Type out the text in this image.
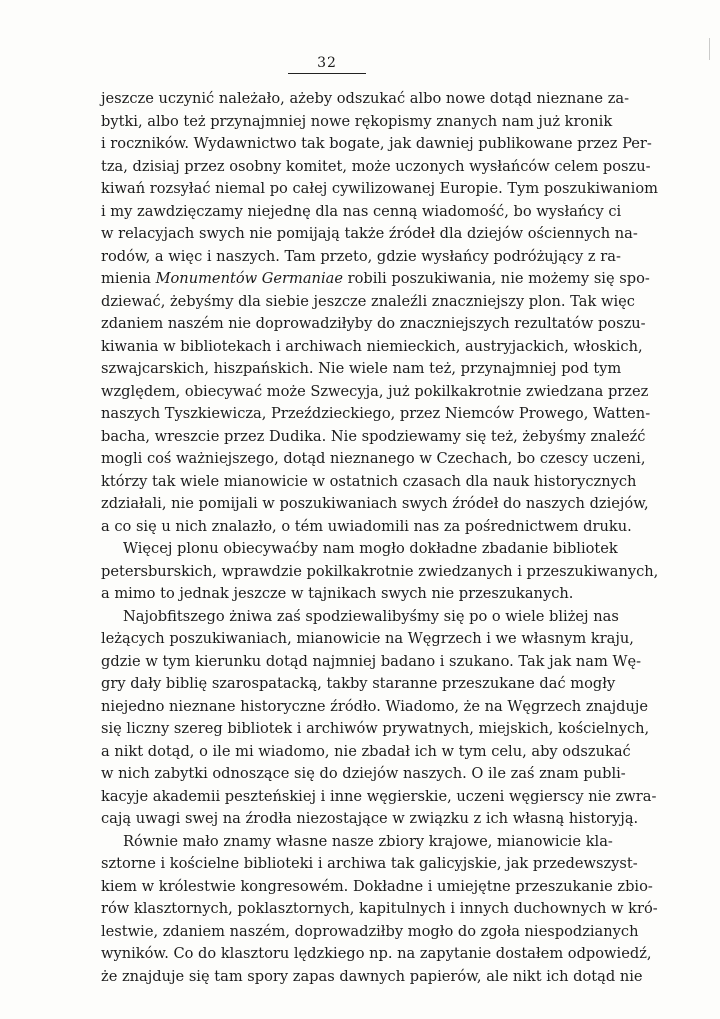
32
jeszcze uczynić należało, ażeby odszukać albo nowe dotąd nieznane za-
bytki, albo też przynajmniej nowe rękopismy znanych nam już kronik
i roczników. Wydawnictwo tak bogate, jak dawniej publikowane przez Per-
tza, dzisiaj przez osobny komitet, może uczonych wysłańców celem poszu-
kiwań rozsyłać niemal po całej cywilizowanej Europie. Tym poszukiwaniom
i my zawdzięczamy niejednę dla nas cenną wiadomość, bo wysłańcy ci
w relacyjach swych nie pomijają także źródeł dla dziejów ościennych na-
rodów, a więc i naszych. Tam przeto, gdzie wysłańcy podróżujący z ra-
mienia Monumentów Germaniae robili poszukiwania, nie możemy się spo-
dziewać, żebyśmy dla siebie jeszcze znaleźli znaczniejszy plon. Tak więc
zdaniem naszém nie doprowadziłyby do znaczniejszych rezultatów poszu-
kiwania w bibliotekach i archiwach niemieckich, austryjackich, włoskich,
szwajcarskich, hiszpańskich. Nie wiele nam też, przynajmniej pod tym
względem, obiecywać może Szwecyja, już pokilkakrotnie zwiedzana przez
naszych Tyszkiewicza, Przeździeckiego, przez Niemców Prowego, Watten-
bacha, wreszcie przez Dudika. Nie spodziewamy się też, żebyśmy znaleźć
mogli coś ważniejszego, dotąd nieznanego w Czechach, bo czescy uczeni,
którzy tak wiele mianowicie w ostatnich czasach dla nauk historycznych
zdziałali, nie pomijali w poszukiwaniach swych źródeł do naszych dziejów,
a co się u nich znalazło, o tém uwiadomili nas za pośrednictwem druku.
Więcej plonu obiecywaćby nam mogło dokładne zbadanie bibliotek
petersburskich, wprawdzie pokilkakrotnie zwiedzanych i przeszukiwanych,
a mimo to jednak jeszcze w tajnikach swych nie przeszukanych.
Najobfitszego żniwa zaś spodziewalibyśmy się po o wiele bliżej nas
leżących poszukiwaniach, mianowicie na Węgrzech i we własnym kraju,
gdzie w tym kierunku dotąd najmniej badano i szukano. Tak jak nam Wę-
gry dały biblię szarospatacką, takby staranne przeszukane dać mogły
niejedno nieznane historyczne źródło. Wiadomo, że na Węgrzech znajduje
się liczny szereg bibliotek i archiwów prywatnych, miejskich, kościelnych,
a nikt dotąd, o ile mi wiadomo, nie zbadał ich w tym celu, aby odszukać
w nich zabytki odnoszące się do dziejów naszych. O ile zaś znam publi-
kacyje akademii peszteńskiej i inne węgierskie, uczeni węgierscy nie zwra-
cają uwagi swej na źrodła niezostające w związku z ich własną historyją.
Równie mało znamy własne nasze zbiory krajowe, mianowicie kla-
sztorne i kościelne biblioteki i archiwa tak galicyjskie, jak przedewszyst-
kiem w królestwie kongresowém. Dokładne i umiejętne przeszukanie zbio-
rów klasztornych, poklasztornych, kapitulnych i innych duchownych w kró-
lestwie, zdaniem naszém, doprowadziłby mogło do zgoła niespodzianych
wyników. Co do klasztoru lędzkiego np. na zapytanie dostałem odpowiedź,
że znajduje się tam spory zapas dawnych papierów, ale nikt ich dotąd nie
